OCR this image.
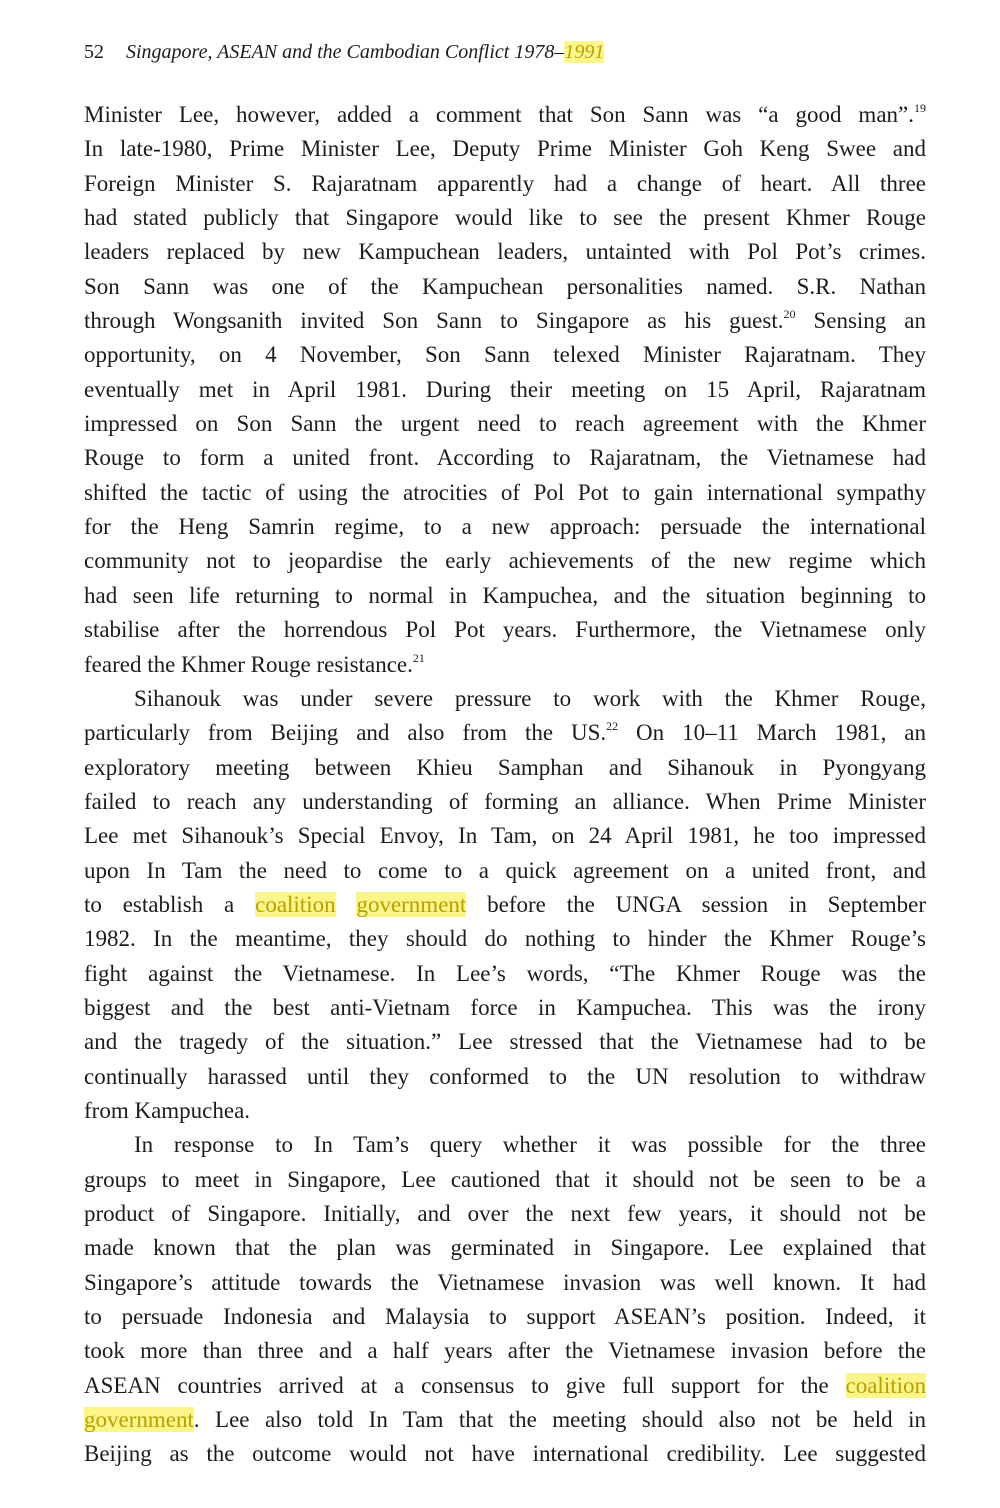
52 Singapore, ASEAN and the Cambodian Conflict 1978–1991
Minister Lee, however, added a comment that Son Sann was “a good man”.$^{19}$
In late-1980, Prime Minister Lee, Deputy Prime Minister Goh Keng Swee and
Foreign Minister S. Rajaratnam apparently had a change of heart. All three
had stated publicly that Singapore would like to see the present Khmer Rouge
leaders replaced by new Kampuchean leaders, untainted with Pol Pot’s crimes.
Son Sann was one of the Kampuchean personalities named. S.R. Nathan
through Wongsanith invited Son Sann to Singapore as his guest.$^{20}$ Sensing an
opportunity, on 4 November, Son Sann telexed Minister Rajaratnam. They
eventually met in April 1981. During their meeting on 15 April, Rajaratnam
impressed on Son Sann the urgent need to reach agreement with the Khmer
Rouge to form a united front. According to Rajaratnam, the Vietnamese had
shifted the tactic of using the atrocities of Pol Pot to gain international sympathy
for the Heng Samrin regime, to a new approach: persuade the international
community not to jeopardise the early achievements of the new regime which
had seen life returning to normal in Kampuchea, and the situation beginning to
stabilise after the horrendous Pol Pot years. Furthermore, the Vietnamese only
feared the Khmer Rouge resistance.$^{21}$
Sihanouk was under severe pressure to work with the Khmer Rouge,
particularly from Beijing and also from the US.$^{22}$ On 10–11 March 1981, an
exploratory meeting between Khieu Samphan and Sihanouk in Pyongyang
failed to reach any understanding of forming an alliance. When Prime Minister
Lee met Sihanouk’s Special Envoy, In Tam, on 24 April 1981, he too impressed
upon In Tam the need to come to a quick agreement on a united front, and
to establish a coalition government before the UNGA session in September
1982. In the meantime, they should do nothing to hinder the Khmer Rouge’s
fight against the Vietnamese. In Lee’s words, “The Khmer Rouge was the
biggest and the best anti-Vietnam force in Kampuchea. This was the irony
and the tragedy of the situation.” Lee stressed that the Vietnamese had to be
continually harassed until they conformed to the UN resolution to withdraw
from Kampuchea.
In response to In Tam’s query whether it was possible for the three
groups to meet in Singapore, Lee cautioned that it should not be seen to be a
product of Singapore. Initially, and over the next few years, it should not be
made known that the plan was germinated in Singapore. Lee explained that
Singapore’s attitude towards the Vietnamese invasion was well known. It had
to persuade Indonesia and Malaysia to support ASEAN’s position. Indeed, it
took more than three and a half years after the Vietnamese invasion before the
ASEAN countries arrived at a consensus to give full support for the coalition
government. Lee also told In Tam that the meeting should also not be held in
Beijing as the outcome would not have international credibility. Lee suggested
